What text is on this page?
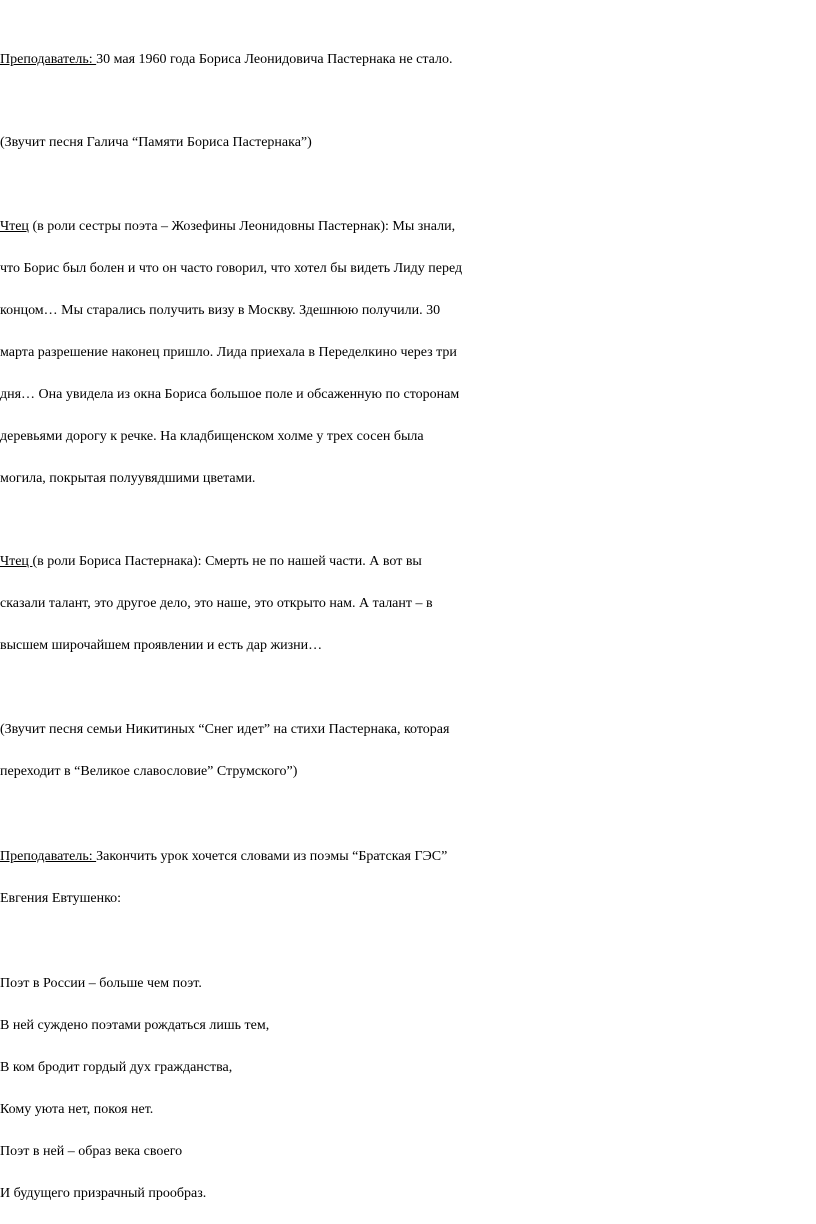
Преподаватель: 30 мая 1960 года Бориса Леонидовича Пастернака не стало.
(Звучит песня Галича “Памяти Бориса Пастернака”)
Чтец (в роли сестры поэта – Жозефины Леонидовны Пастернак): Мы знали,
что Борис был болен и что он часто говорил, что хотел бы видеть Лиду перед
концом… Мы старались получить визу в Москву. Здешнюю получили. 30
марта разрешение наконец пришло. Лида приехала в Переделкино через три
дня… Она увидела из окна Бориса большое поле и обсаженную по сторонам
деревьями дорогу к речке. На кладбищенском холме у трех сосен была
могила, покрытая полуувядшими цветами.
Чтец (в роли Бориса Пастернака): Смерть не по нашей части. А вот вы
сказали талант, это другое дело, это наше, это открыто нам. А талант – в
высшем широчайшем проявлении и есть дар жизни…
(Звучит песня семьи Никитиных “Снег идет” на стихи Пастернака, которая
переходит в “Великое славословие” Струмского”)
Преподаватель: Закончить урок хочется словами из поэмы “Братская ГЭС”
Евгения Евтушенко:
Поэт в России – больше чем поэт.
В ней суждено поэтами рождаться лишь тем,
В ком бродит гордый дух гражданства,
Кому уюта нет, покоя нет.
Поэт в ней – образ века своего
И будущего призрачный прообраз.
